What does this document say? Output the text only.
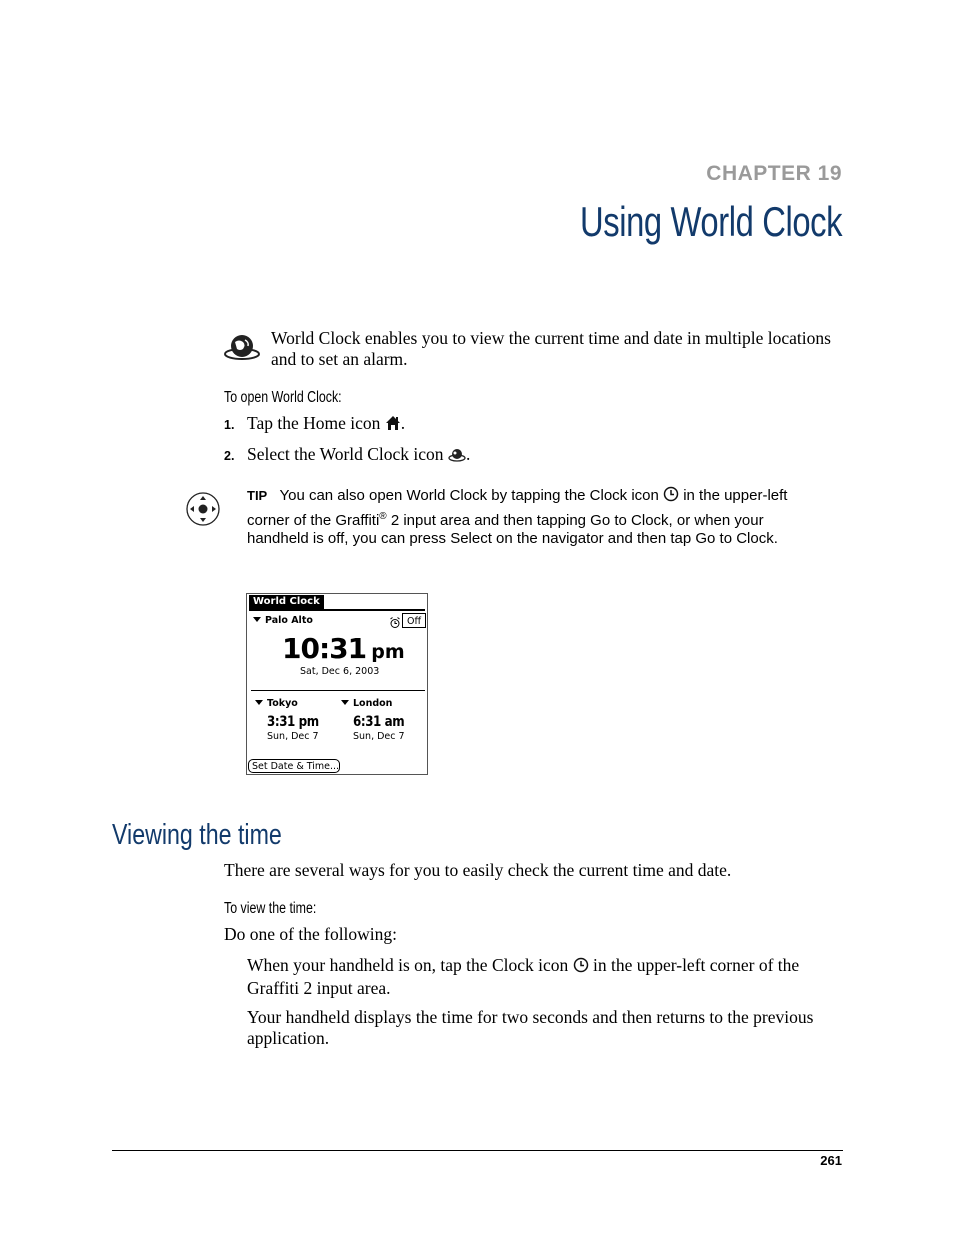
CHAPTER 19
Using World Clock
World Clock enables you to view the current time and date in multiple locations and to set an alarm.
To open World Clock:
1. Tap the Home icon .
2. Select the World Clock icon .
TIP You can also open World Clock by tapping the Clock icon in the upper-left corner of the Graffiti® 2 input area and then tapping Go to Clock, or when your handheld is off, you can press Select on the navigator and then tap Go to Clock.
World Clock
Palo Alto	Off
10:31 pm
Sat, Dec 6, 2003
Tokyo
3:31 pm
Sun, Dec 7
London
6:31 am
Sun, Dec 7
Set Date & Time...
Viewing the time
There are several ways for you to easily check the current time and date.
To view the time:
Do one of the following:
When your handheld is on, tap the Clock icon in the upper-left corner of the Graffiti 2 input area.
Your handheld displays the time for two seconds and then returns to the previous application.
261
